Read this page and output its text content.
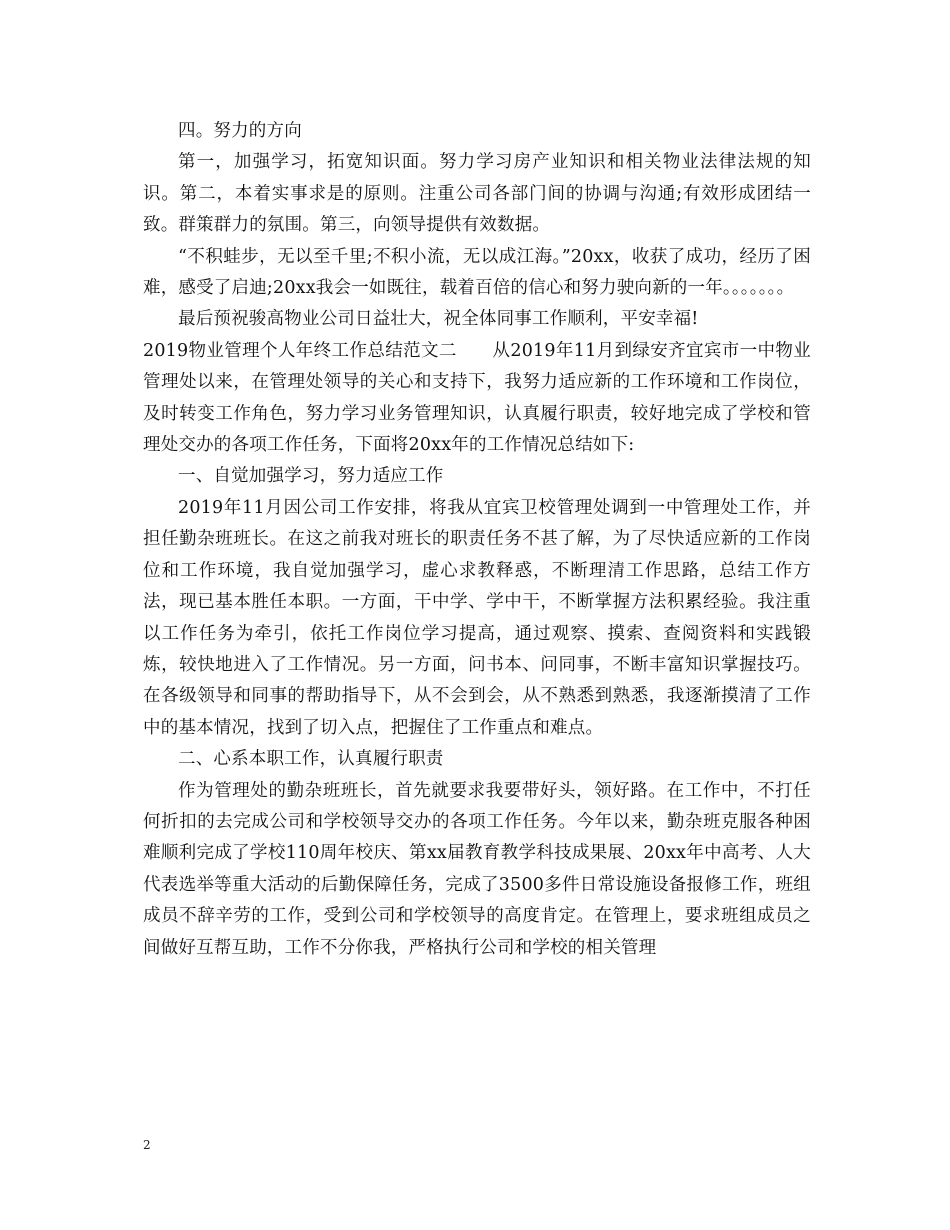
四。努力的方向

第一，加强学习，拓宽知识面。努力学习房产业知识和相关物业法律法规的知识。第二，本着实事求是的原则。注重公司各部门间的协调与沟通;有效形成团结一致。群策群力的氛围。第三，向领导提供有效数据。

“不积蛙步，无以至千里;不积小流，无以成江海。”20xx，收获了成功，经历了困难，感受了启迪;20xx我会一如既往，载着百倍的信心和努力驶向新的一年。。。。。。。

最后预祝骏高物业公司日益壮大，祝全体同事工作顺利，平安幸福!

2019物业管理个人年终工作总结范文二　　从2019年11月到绿安齐宜宾市一中物业管理处以来，在管理处领导的关心和支持下，我努力适应新的工作环境和工作岗位，及时转变工作角色，努力学习业务管理知识，认真履行职责，较好地完成了学校和管理处交办的各项工作任务，下面将20xx年的工作情况总结如下:

一、自觉加强学习，努力适应工作

2019年11月因公司工作安排，将我从宜宾卫校管理处调到一中管理处工作，并担任勤杂班班长。在这之前我对班长的职责任务不甚了解，为了尽快适应新的工作岗位和工作环境，我自觉加强学习，虚心求教释惑，不断理清工作思路，总结工作方法，现已基本胜任本职。一方面，干中学、学中干，不断掌握方法积累经验。我注重以工作任务为牵引，依托工作岗位学习提高，通过观察、摸索、查阅资料和实践锻炼，较快地进入了工作情况。另一方面，问书本、问同事，不断丰富知识掌握技巧。在各级领导和同事的帮助指导下，从不会到会，从不熟悉到熟悉，我逐渐摸清了工作中的基本情况，找到了切入点，把握住了工作重点和难点。

二、心系本职工作，认真履行职责

作为管理处的勤杂班班长，首先就要求我要带好头，领好路。在工作中，不打任何折扣的去完成公司和学校领导交办的各项工作任务。今年以来，勤杂班克服各种困难顺利完成了学校110周年校庆、第xx届教育教学科技成果展、20xx年中高考、人大代表选举等重大活动的后勤保障任务，完成了3500多件日常设施设备报修工作，班组成员不辞辛劳的工作，受到公司和学校领导的高度肯定。在管理上，要求班组成员之间做好互帮互助，工作不分你我，严格执行公司和学校的相关管理

2
